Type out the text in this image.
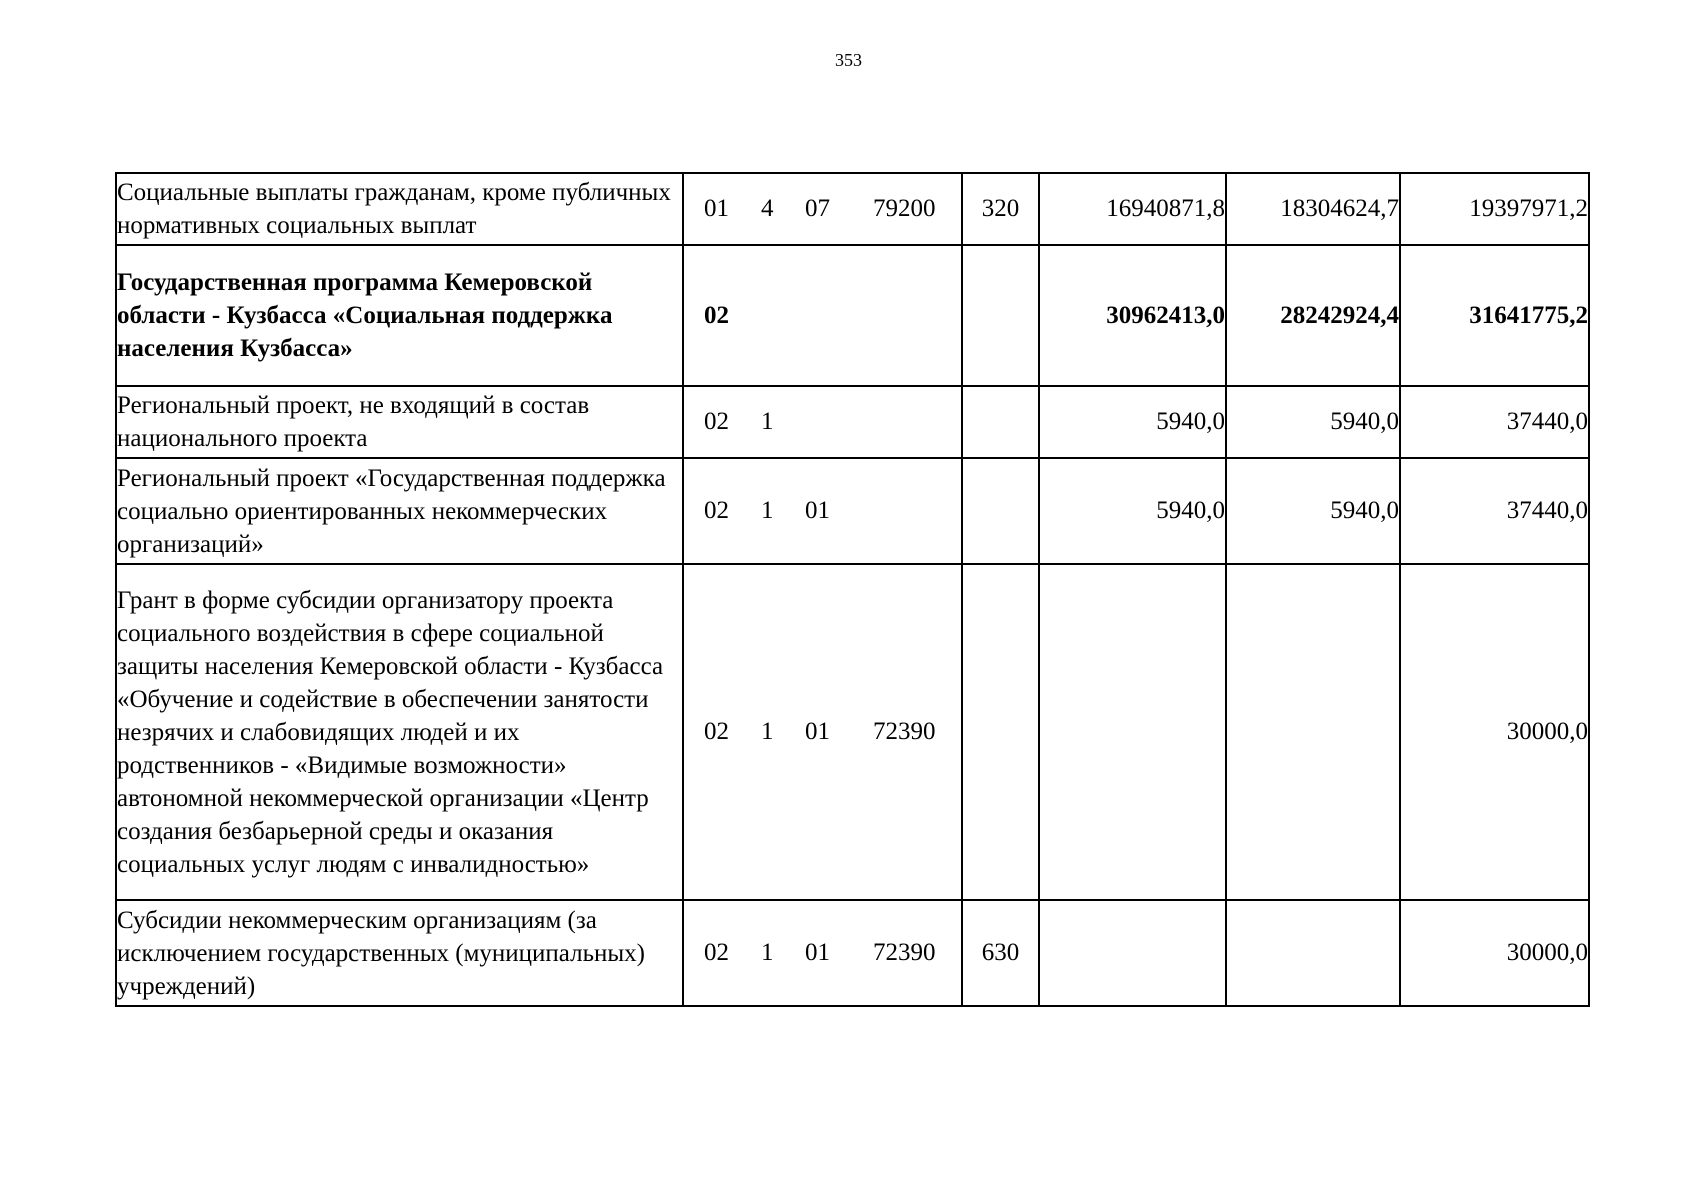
353
Социальные выплаты гражданам, кроме публичных нормативных социальных выплат	01 4 07 79200	320	16940871,8	18304624,7	19397971,2
Государственная программа Кемеровской области - Кузбасса «Социальная поддержка населения Кузбасса»	02		30962413,0	28242924,4	31641775,2
Региональный проект, не входящий в состав национального проекта	02 1		5940,0	5940,0	37440,0
Региональный проект «Государственная поддержка социально ориентированных некоммерческих организаций»	02 1 01		5940,0	5940,0	37440,0
Грант в форме субсидии организатору проекта социального воздействия в сфере социальной защиты населения Кемеровской области - Кузбасса «Обучение и содействие в обеспечении занятости незрячих и слабовидящих людей и их родственников - «Видимые возможности» автономной некоммерческой организации «Центр создания безбарьерной среды и оказания социальных услуг людям с инвалидностью»	02 1 01 72390				30000,0
Субсидии некоммерческим организациям (за исключением государственных (муниципальных) учреждений)	02 1 01 72390	630			30000,0
